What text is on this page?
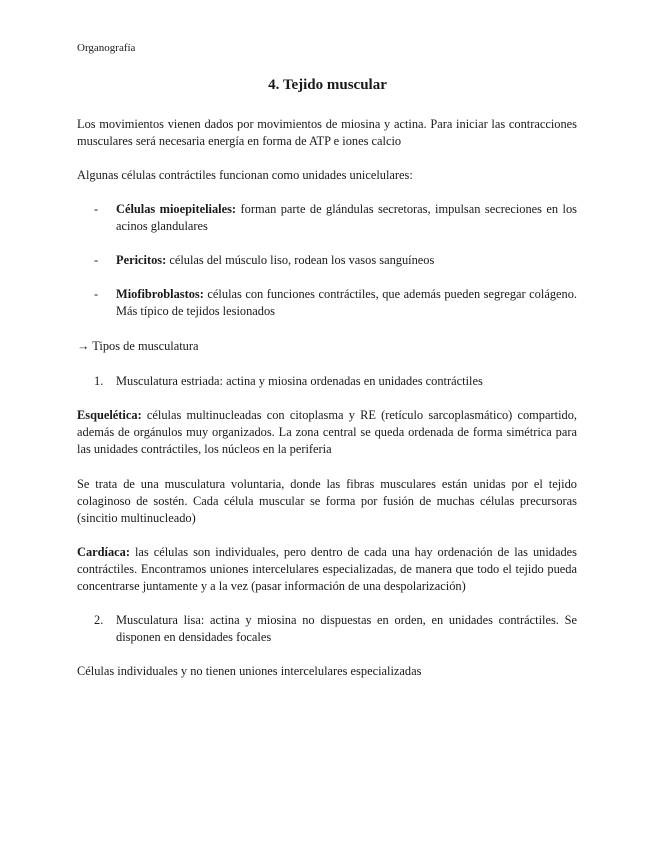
Organografía
4. Tejido muscular
Los movimientos vienen dados por movimientos de miosina y actina. Para iniciar las contracciones musculares será necesaria energía en forma de ATP e iones calcio
Algunas células contráctiles funcionan como unidades unicelulares:
- Células mioepiteliales: forman parte de glándulas secretoras, impulsan secreciones en los acinos glandulares
- Pericitos: células del músculo liso, rodean los vasos sanguíneos
- Miofibroblastos: células con funciones contráctiles, que además pueden segregar colágeno. Más típico de tejidos lesionados
→ Tipos de musculatura
1. Musculatura estriada: actina y miosina ordenadas en unidades contráctiles
Esquelética: células multinucleadas con citoplasma y RE (retículo sarcoplasmático) compartido, además de orgánulos muy organizados. La zona central se queda ordenada de forma simétrica para las unidades contráctiles, los núcleos en la periferia
Se trata de una musculatura voluntaria, donde las fibras musculares están unidas por el tejido colaginoso de sostén. Cada célula muscular se forma por fusión de muchas células precursoras (sincitio multinucleado)
Cardíaca: las células son individuales, pero dentro de cada una hay ordenación de las unidades contráctiles. Encontramos uniones intercelulares especializadas, de manera que todo el tejido pueda concentrarse juntamente y a la vez (pasar información de una despolarización)
2. Musculatura lisa: actina y miosina no dispuestas en orden, en unidades contráctiles. Se disponen en densidades focales
Células individuales y no tienen uniones intercelulares especializadas
